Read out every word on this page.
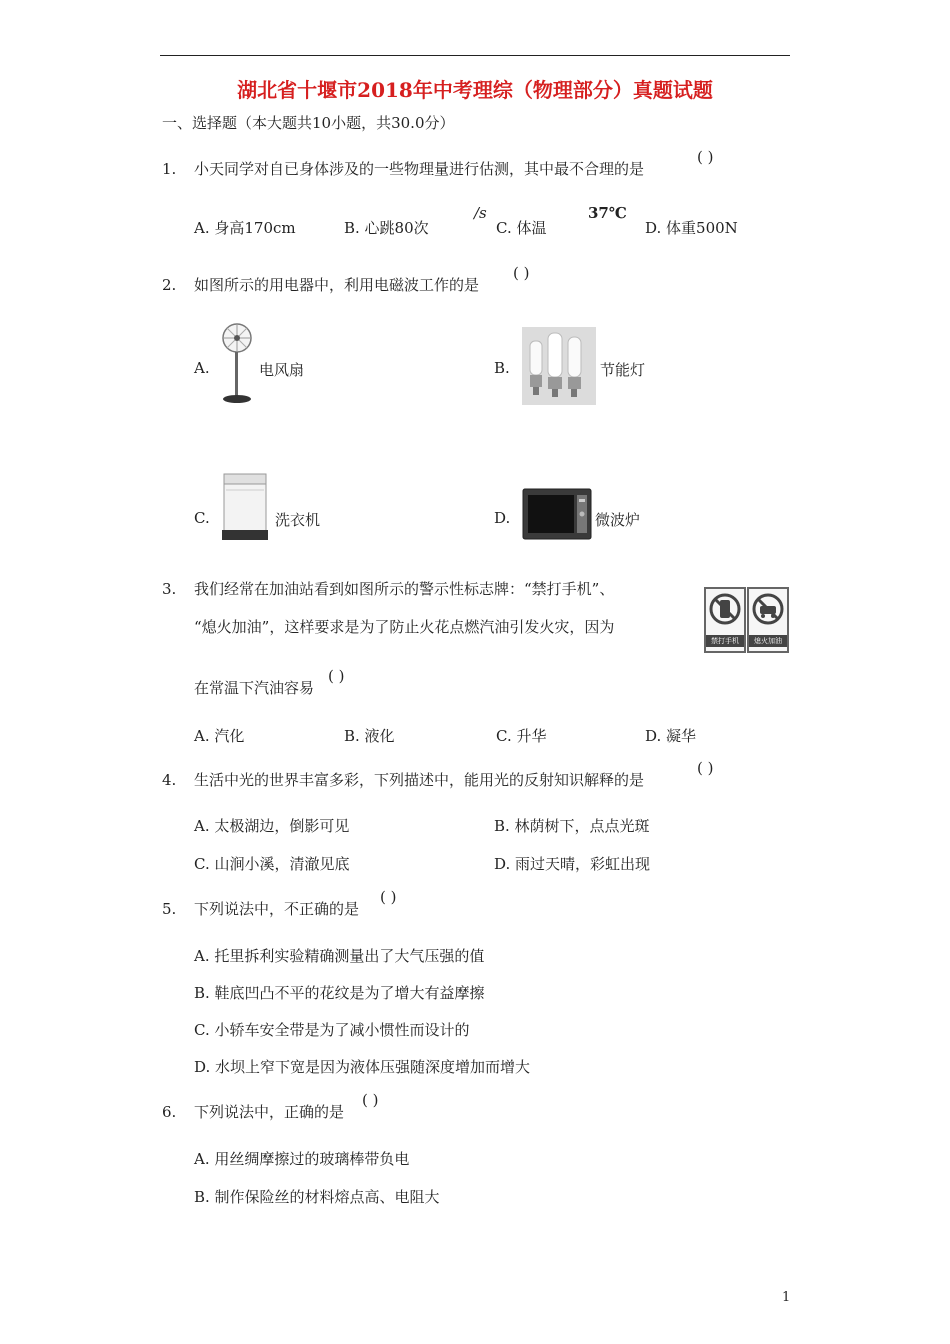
湖北省十堰市2018年中考理综（物理部分）真题试题
一、选择题（本大题共10小题，共30.0分）
1. 小天同学对自已身体涉及的一些物理量进行估测，其中最不合理的是
( )
A. 身高170cm	B. 心跳80次
/s
C. 体温
37℃
D. 体重500N
2. 如图所示的用电器中，利用电磁波工作的是
( )
A.	电风扇	B.	节能灯
C.	洗衣机	D.	微波炉
3. 我们经常在加油站看到如图所示的警示性标志牌：“禁打手机”、
“熄火加油”，这样要求是为了防止火花点燃汽油引发火灾，因为
在常温下汽油容易
( )
禁打手机	熄火加油
A. 汽化	B. 液化	C. 升华	D. 凝华
4. 生活中光的世界丰富多彩，下列描述中，能用光的反射知识解释的是
( )
A. 太极湖边，倒影可见	B. 林荫树下，点点光斑
C. 山涧小溪，清澈见底	D. 雨过天晴，彩虹出现
5. 下列说法中，不正确的是
( )
A. 托里拆利实验精确测量出了大气压强的值
B. 鞋底凹凸不平的花纹是为了增大有益摩擦
C. 小轿车安全带是为了减小惯性而设计的
D. 水坝上窄下宽是因为液体压强随深度增加而增大
6. 下列说法中，正确的是
( )
A. 用丝绸摩擦过的玻璃棒带负电
B. 制作保险丝的材料熔点高、电阻大
1
